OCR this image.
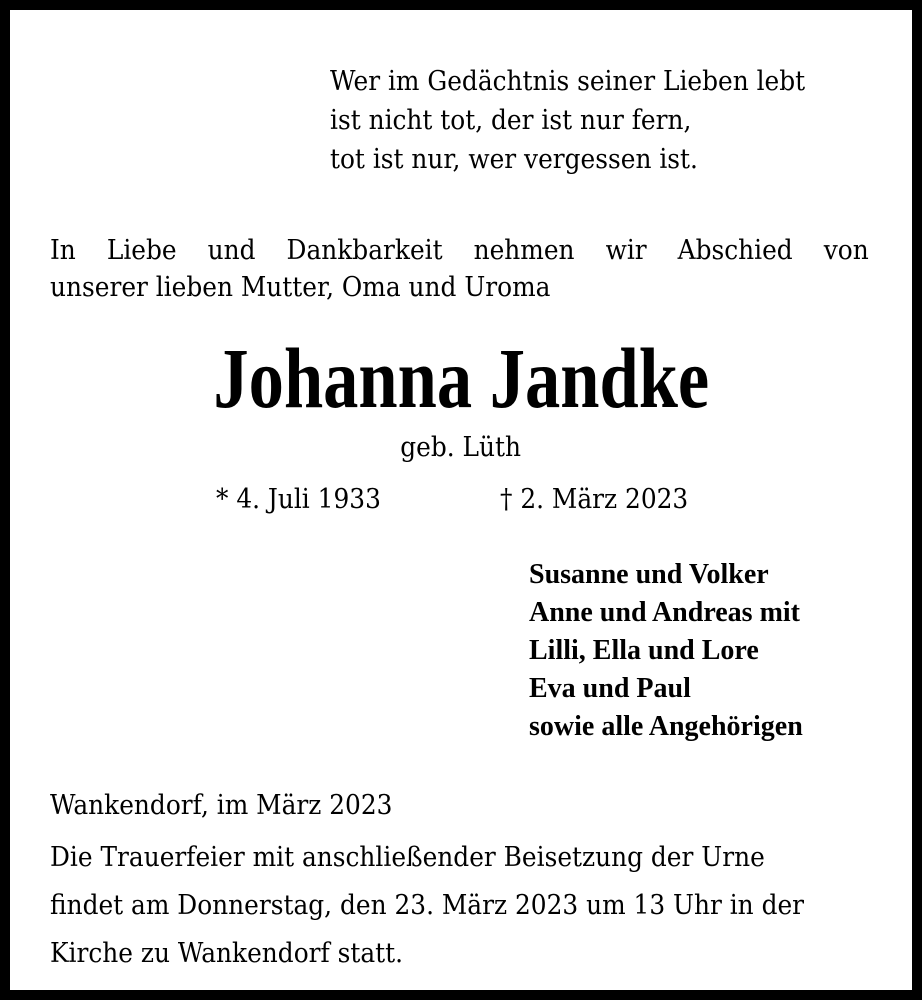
Wer im Gedächtnis seiner Lieben lebt
ist nicht tot, der ist nur fern,
tot ist nur, wer vergessen ist.
In Liebe und Dankbarkeit nehmen wir Abschied von
unserer lieben Mutter, Oma und Uroma
Johanna Jandke
geb. Lüth
* 4. Juli 1933	† 2. März 2023
Susanne und Volker
Anne und Andreas mit
Lilli, Ella und Lore
Eva und Paul
sowie alle Angehörigen
Wankendorf, im März 2023
Die Trauerfeier mit anschließender Beisetzung der Urne
findet am Donnerstag, den 23. März 2023 um 13 Uhr in der
Kirche zu Wankendorf statt.
